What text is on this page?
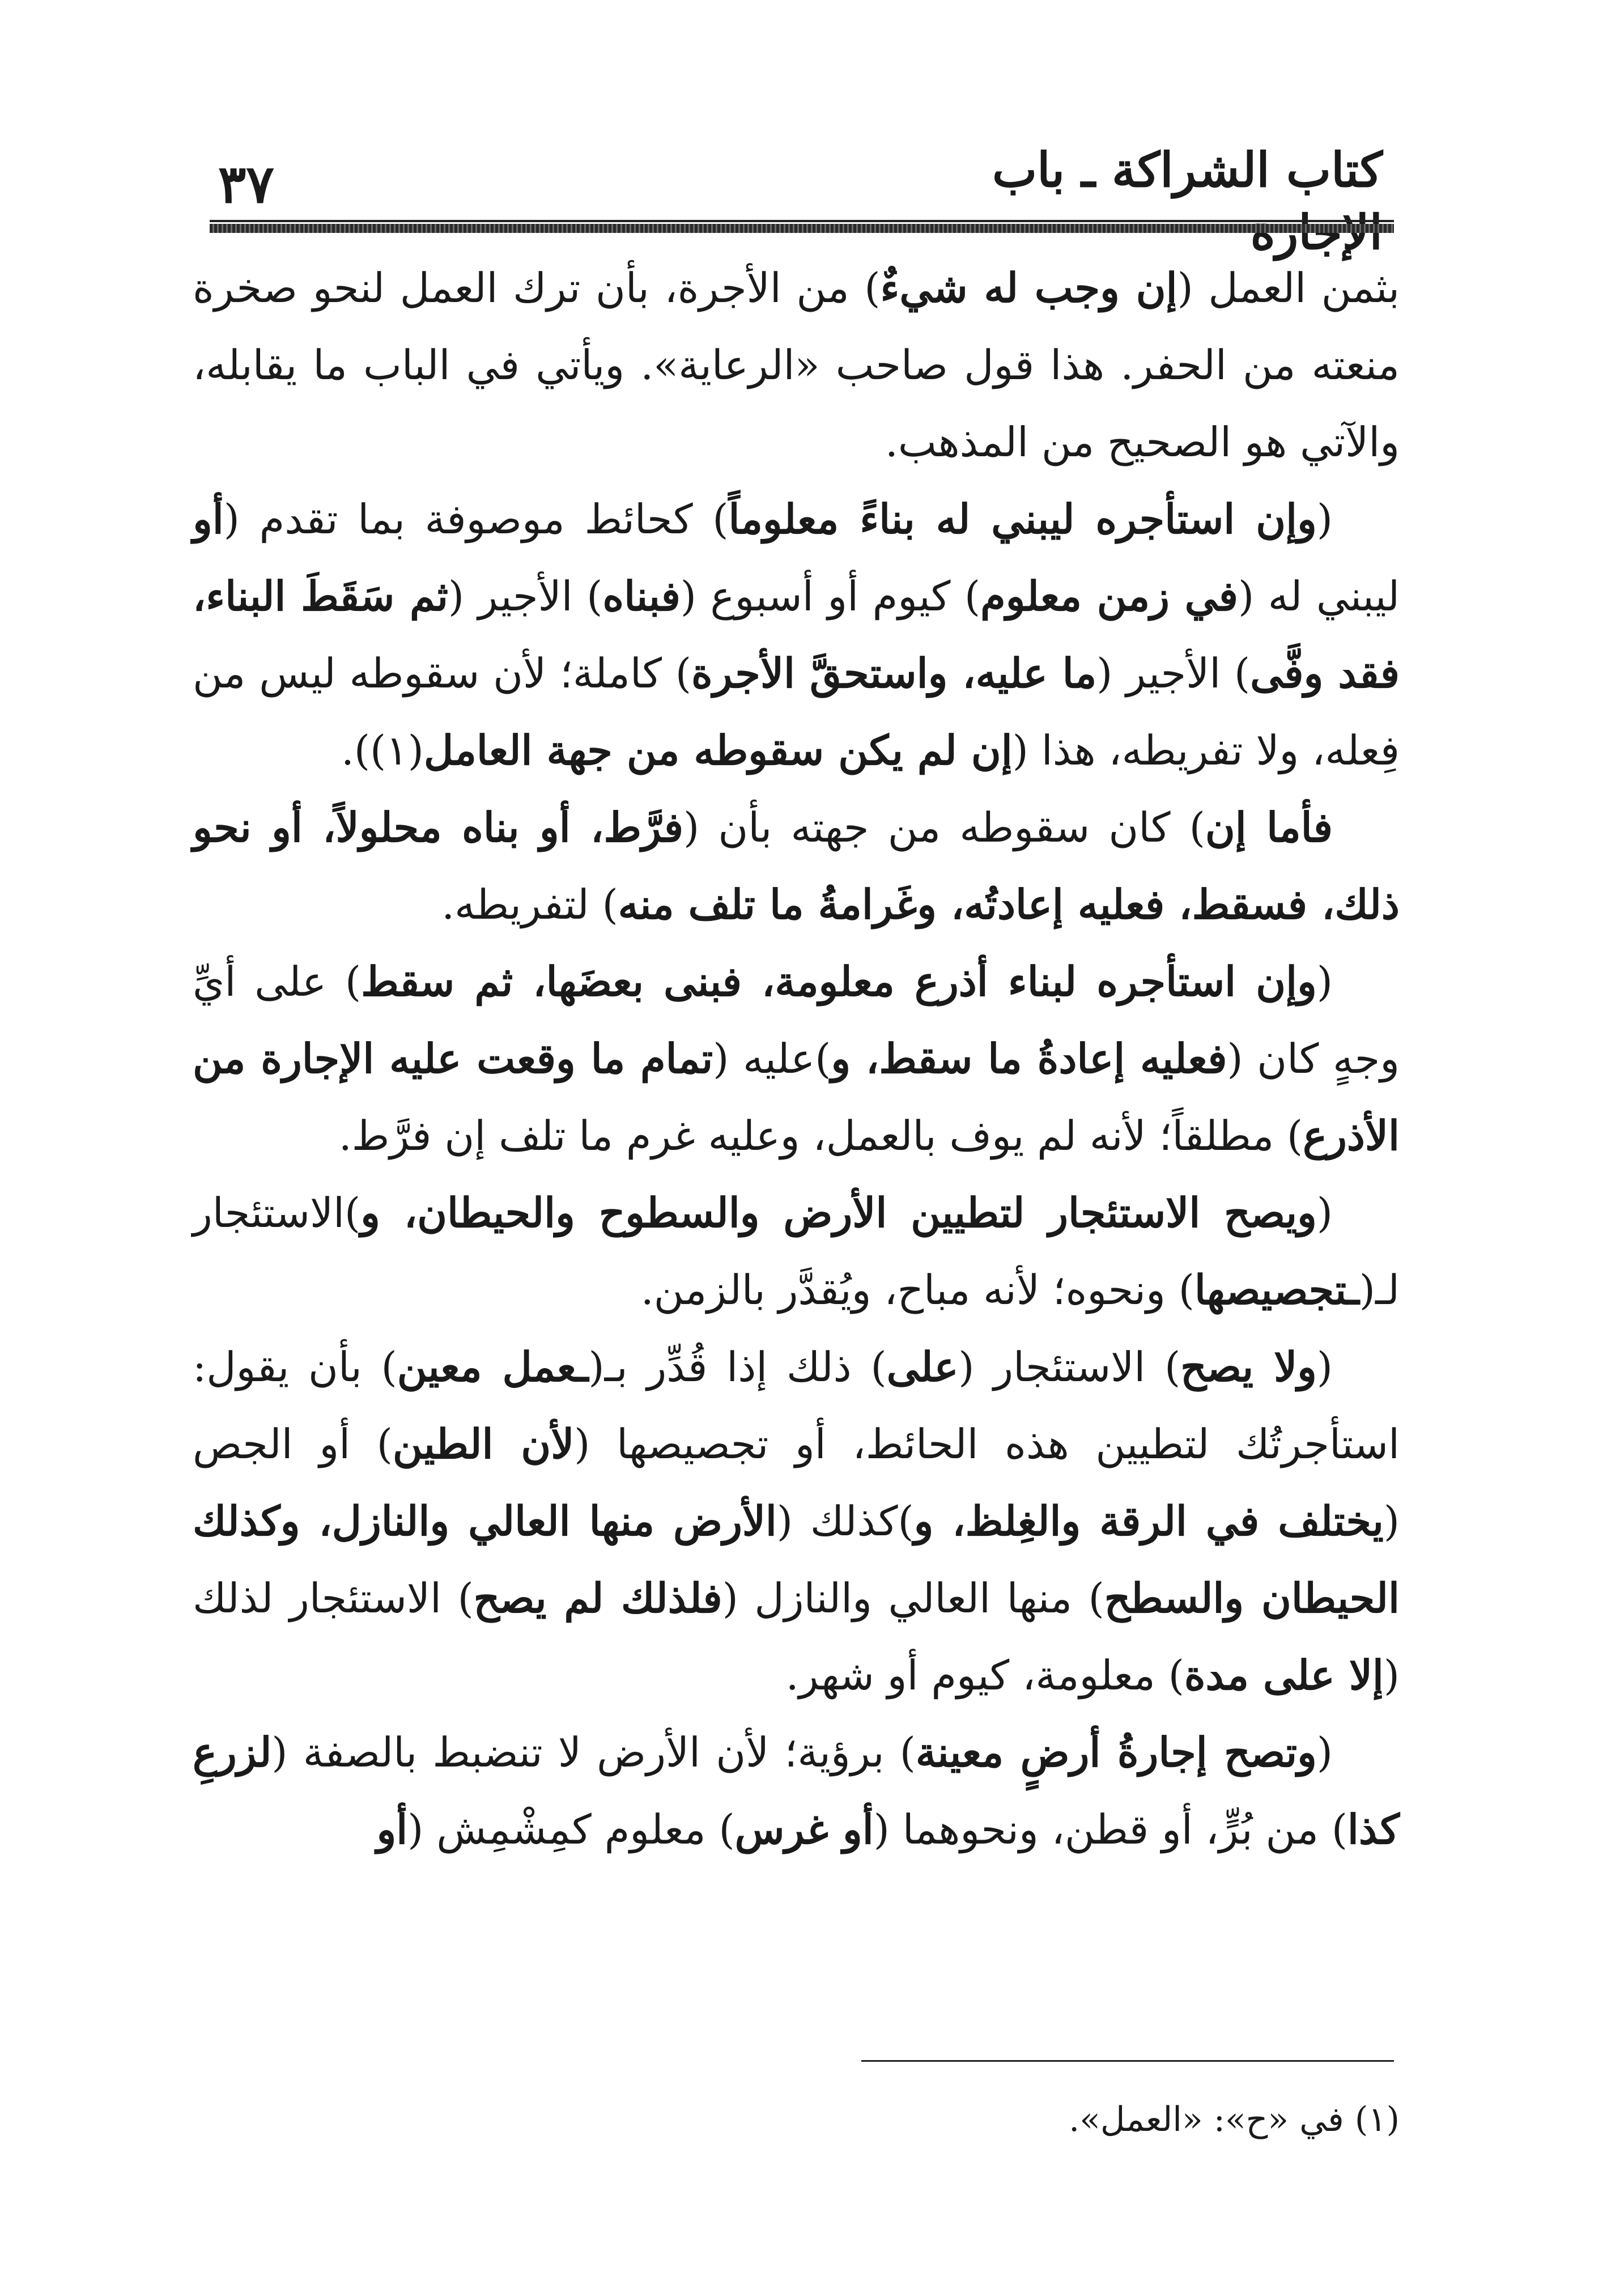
٣٧	كتاب الشراكة ـ باب

بثمن العمل (إن وجب له شيءٌ) من الأجرة، بأن ترك العمل لنحو صخرة منعته من الحفر. هذا قول صاحب «الرعاية». ويأتي في الباب ما يقابله، والآتي هو الصحيح من المذهب.

(وإن استأجره ليبني له بناءً معلوماً) كحائط موصوفة بما تقدم (أو ليبني له (في زمن معلوم) كيوم أو أسبوع (فبناه) الأجير (ثم سَقَطَ البناء، فقد وفَّى) الأجير (ما عليه، واستحقَّ الأجرة) كاملة؛ لأن سقوطه ليس من فِعله، ولا تفريطه، هذا (إن لم يكن سقوطه من جهة العامل(١)).

فأما إن) كان سقوطه من جهته بأن (فرَّط، أو بناه محلولاً، أو نحو ذلك، فسقط، فعليه إعادتُه، وغَرامةُ ما تلف منه) لتفريطه.

(وإن استأجره لبناء أذرع معلومة، فبنى بعضَها، ثم سقط) على أيِّ وجهٍ كان (فعليه إعادةُ ما سقط، و)عليه (تمام ما وقعت عليه الإجارة من الأذرع) مطلقاً؛ لأنه لم يوف بالعمل، وعليه غرم ما تلف إن فرَّط.

(ويصح الاستئجار لتطيين الأرض والسطوح والحيطان، و)الاستئجار لـ(ـتجصيصها) ونحوه؛ لأنه مباح، ويُقدَّر بالزمن.

(ولا يصح) الاستئجار (على) ذلك إذا قُدِّر بـ(ـعمل معين) بأن يقول: استأجرتُك لتطيين هذه الحائط، أو تجصيصها (لأن الطين) أو الجص (يختلف في الرقة والغِلظ، و)كذلك (الأرض منها العالي والنازل، وكذلك الحيطان والسطح) منها العالي والنازل (فلذلك لم يصح) الاستئجار لذلك (إلا على مدة) معلومة، كيوم أو شهر.

(وتصح إجارةُ أرضٍ معينة) برؤية؛ لأن الأرض لا تنضبط بالصفة (لزرعِ كذا) من بُرٍّ، أو قطن، ونحوهما (أو غرس) معلوم كمِشْمِش (أو

(١) في «ح»: «العمل».
